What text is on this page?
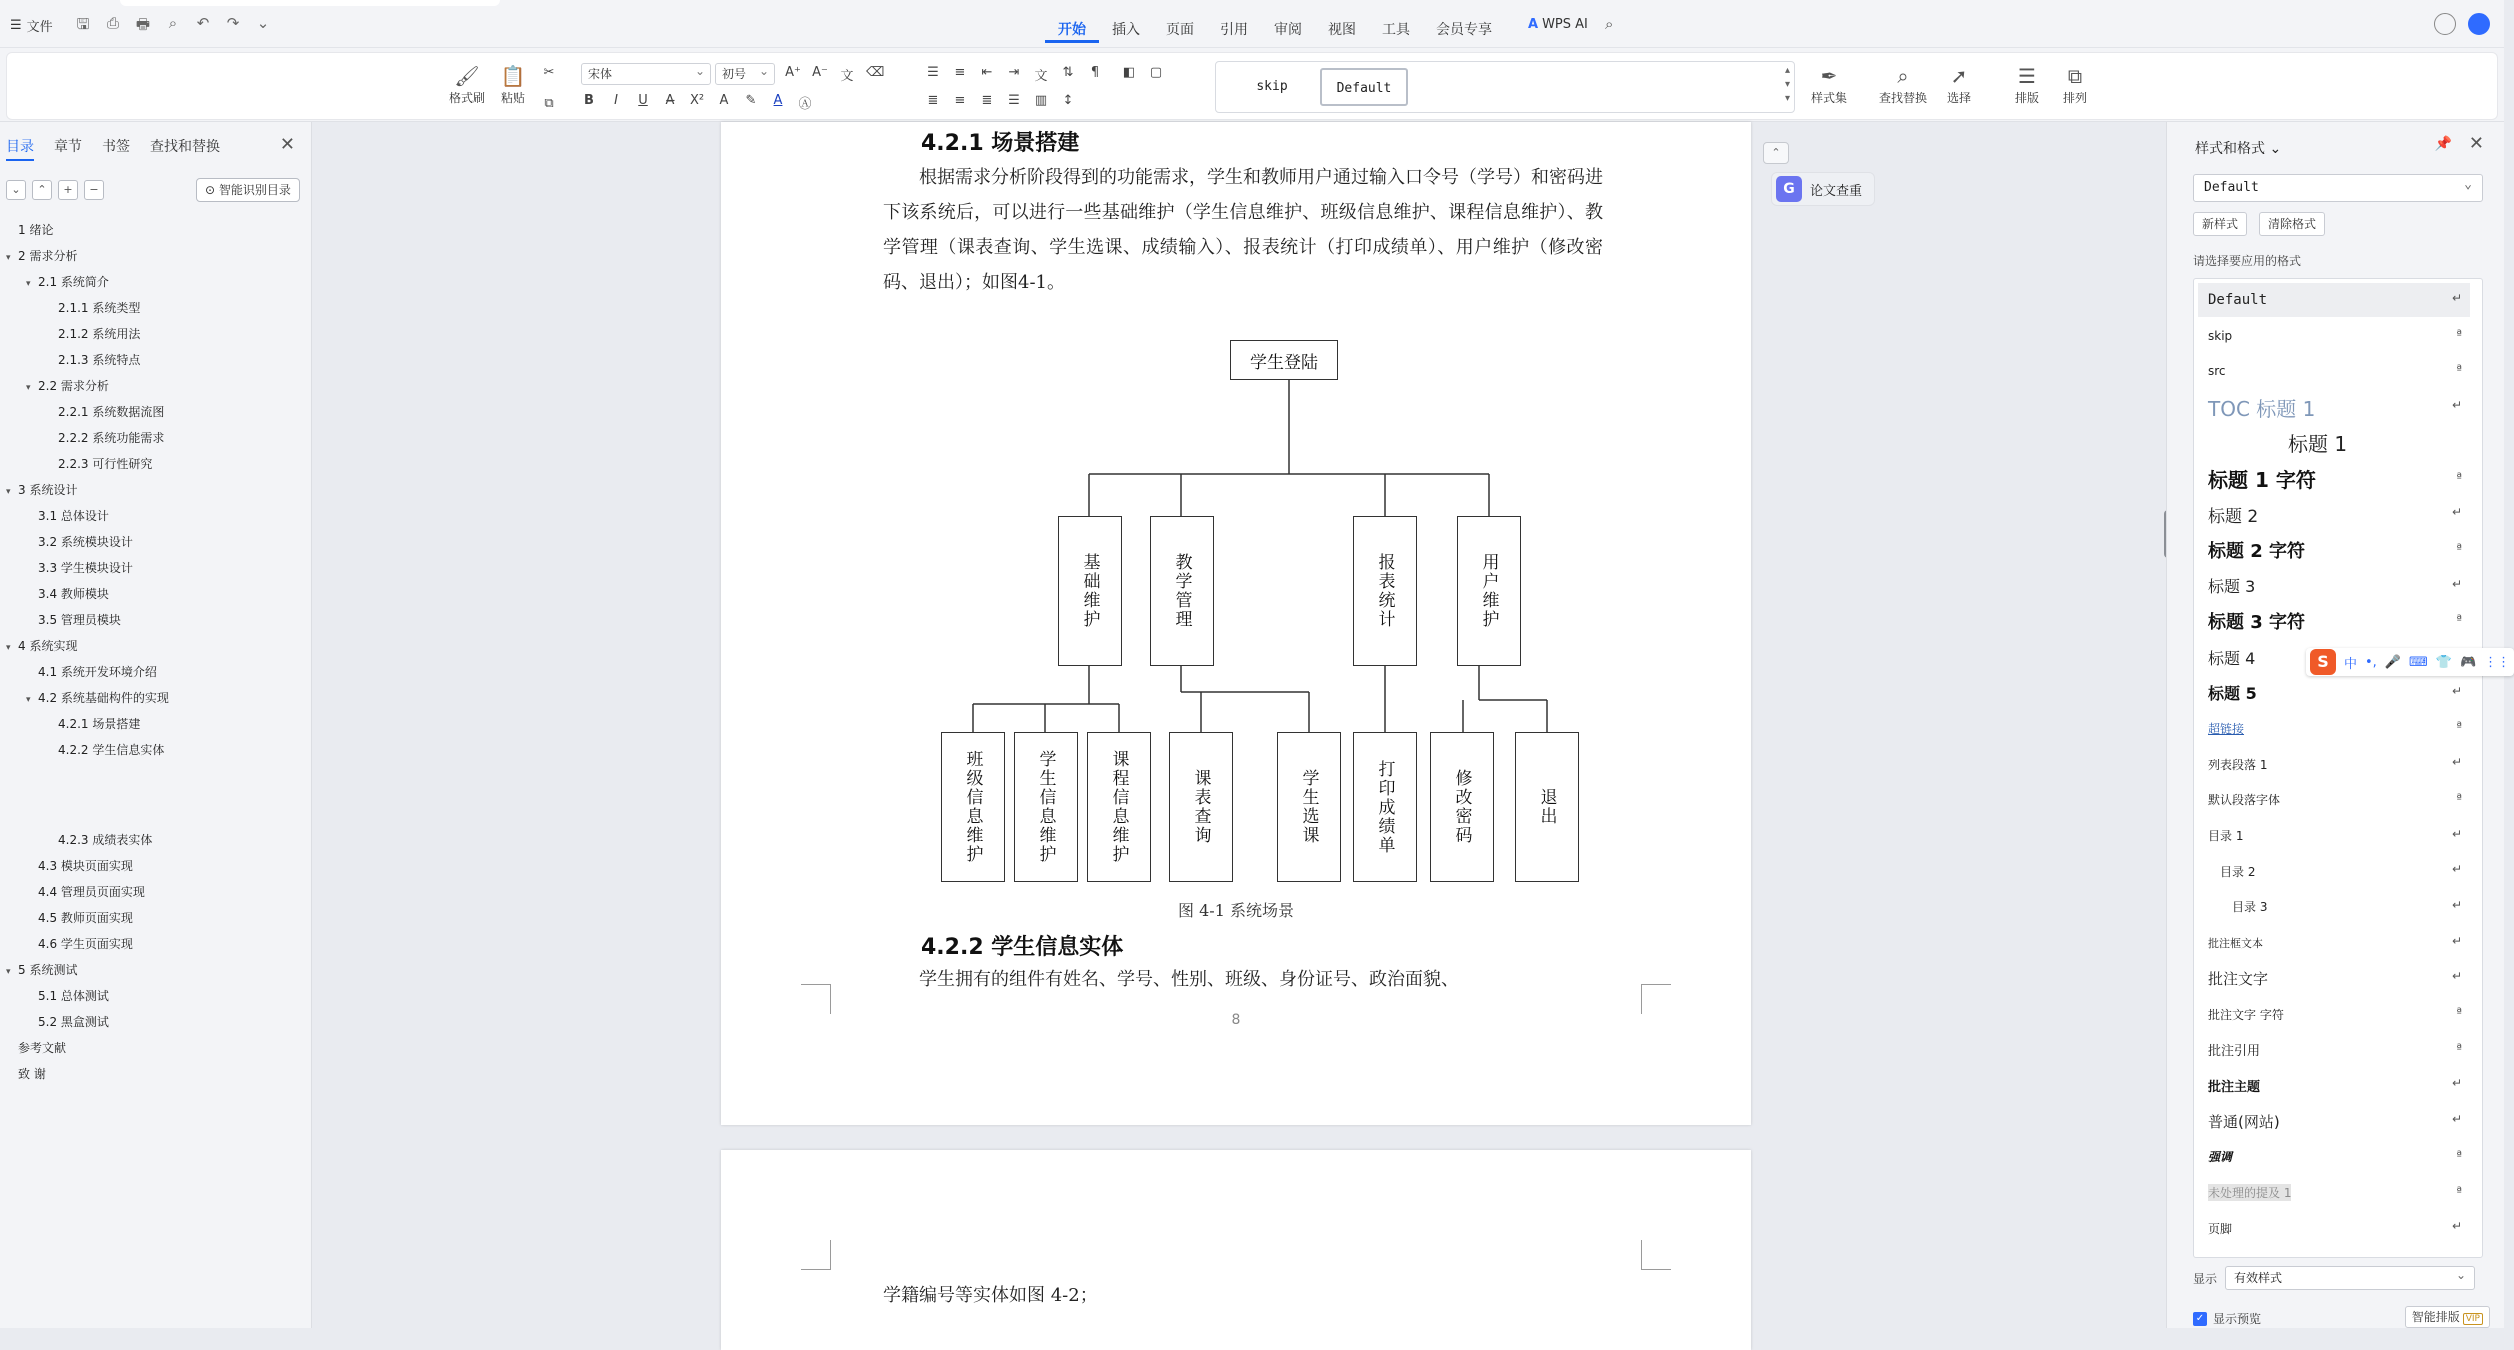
☰ 文件 🖫 ⎙ 🖶	⌕	↶ ↷ ⌄	开始	插入	页面	引用	审阅	视图	工具	会员专享	A WPS AI ⌕
🖌
格式刷
📋
粘贴
✂
⧉
宋体 ⌄	初号 ⌄	A⁺ A⁻ 文 ⌫
B	I	U A̶ X² A ✎ A Ⓐ
☰ ≡ ⇤ ⇥ 文 ⇅ ¶
≣ ≡ ≣ ☰ ▥ ↕
◧ ▢
skip	Default
▴
▾
▾
✒
样式集
⌕
查找替换
➚
选择
☰
排版
⧉
排列
目录 章节 书签 查找和替换	✕
⌄	⌃	+	−	⊙ 智能识别目录
1 绪论
▾ 2 需求分析
▾ 2.1 系统简介
2.1.1 系统类型
2.1.2 系统用法
2.1.3 系统特点
▾ 2.2 需求分析
2.2.1 系统数据流图
2.2.2 系统功能需求
2.2.3 可行性研究
▾ 3 系统设计
3.1 总体设计
3.2 系统模块设计
3.3 学生模块设计
3.4 教师模块
3.5 管理员模块
▾ 4 系统实现
4.1 系统开发环境介绍
▾ 4.2 系统基础构件的实现
4.2.1 场景搭建
4.2.2 学生信息实体
4.2.3 成绩表实体
4.3 模块页面实现
4.4 管理员页面实现
4.5 教师页面实现
4.6 学生页面实现
▾ 5 系统测试
5.1 总体测试
5.2 黑盒测试
参考文献
致 谢
4.2.1 场景搭建
根据需求分析阶段得到的功能需求，学生和教师用户通过输入口令号（学号）和密码进下该系统后，可以进行一些基础维护（学生信息维护、班级信息维护、课程信息维护）、教学管理（课表查询、学生选课、成绩输入）、报表统计（打印成绩单）、用户维护（修改密码、退出）；如图4-1。
学生登陆
基础维护	教学管理	报表统计	用户维护
班级信息维护	学生信息维护	课程信息维护	课表查询	学生选课	打印成绩单	修改密码	退出
图 4-1 系统场景
4.2.2 学生信息实体
学生拥有的组件有姓名、学号、性别、班级、身份证号、政治面貌、
8
学籍编号等实体如图 4-2；
⌃
G	论文查重
样式和格式 ⌄	📌 ✕
Default ⌄
新样式	清除格式
请选择要应用的格式
Default	↵
skip	ª
src	ª
TOC 标题 1	↵
标题 1
标题 1 字符	ª
标题 2	↵
标题 2 字符	ª
标题 3	↵
标题 3 字符	ª
标题 4
标题 5	↵
超链接	ª
列表段落 1	↵
默认段落字体	ª
目录 1	↵
目录 2	↵
目录 3	↵
批注框文本	↵
批注文字	↵
批注文字 字符	ª
批注引用	ª
批注主题	↵
普通(网站)	↵
强调	ª
未处理的提及 1	ª
页脚	↵
显示	有效样式 ⌄
✓ 显示预览	智能排版 VIP
S	中 •, 🎤 ⌨ 👕 🎮 ⋮⋮
